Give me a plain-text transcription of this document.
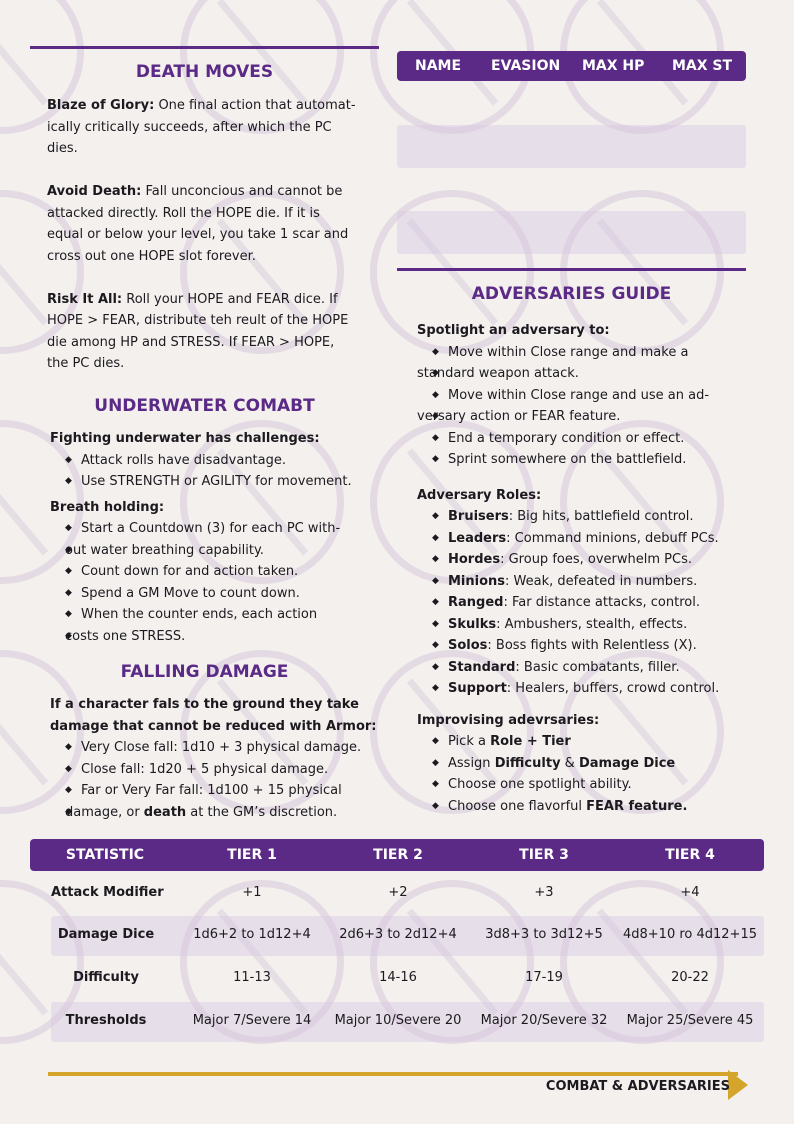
DEATH MOVES
Blaze of Glory: One final action that automat-
ically critically succeeds, after which the PC
dies.
Avoid Death: Fall unconcious and cannot be
attacked directly. Roll the HOPE die. If it is
equal or below your level, you take 1 scar and
cross out one HOPE slot forever.
Risk It All: Roll your HOPE and FEAR dice. If
HOPE > FEAR, distribute teh reult of the HOPE
die among HP and STRESS. If FEAR > HOPE,
the PC dies.
UNDERWATER COMABT
Fighting underwater has challenges:
◆ Attack rolls have disadvantage.
◆ Use STRENGTH or AGILITY for movement.
Breath holding:
◆ Start a Countdown (3) for each PC with-
◆ out water breathing capability.
◆ Count down for and action taken.
◆ Spend a GM Move to count down.
◆ When the counter ends, each action
◆ costs one STRESS.
FALLING DAMAGE
If a character fals to the ground they take
damage that cannot be reduced with Armor:
◆ Very Close fall: 1d10 + 3 physical damage.
◆ Close fall: 1d20 + 5 physical damage.
◆ Far or Very Far fall: 1d100 + 15 physical
◆ damage, or death at the GM’s discretion.
NAME EVASION MAX HP MAX ST
ADVERSARIES GUIDE
Spotlight an adversary to:
◆ Move within Close range and make a
◆ standard weapon attack.
◆ Move within Close range and use an ad-
◆ versary action or FEAR feature.
◆ End a temporary condition or effect.
◆ Sprint somewhere on the battlefield.
Adversary Roles:
◆ Bruisers: Big hits, battlefield control.
◆ Leaders: Command minions, debuff PCs.
◆ Hordes: Group foes, overwhelm PCs.
◆ Minions: Weak, defeated in numbers.
◆ Ranged: Far distance attacks, control.
◆ Skulks: Ambushers, stealth, effects.
◆ Solos: Boss fights with Relentless (X).
◆ Standard: Basic combatants, filler.
◆ Support: Healers, buffers, crowd control.
Improvising adevrsaries:
◆ Pick a Role + Tier
◆ Assign Difficulty & Damage Dice
◆ Choose one spotlight ability.
◆ Choose one flavorful FEAR feature.
STATISTIC	TIER 1	TIER 2	TIER 3	TIER 4
Attack Modifier	+1	+2	+3	+4
Damage Dice	1d6+2 to 1d12+4	2d6+3 to 2d12+4	3d8+3 to 3d12+5	4d8+10 ro 4d12+15
Difficulty	11-13	14-16	17-19	20-22
Thresholds	Major 7/Severe 14	Major 10/Severe 20	Major 20/Severe 32	Major 25/Severe 45
COMBAT & ADVERSARIES
